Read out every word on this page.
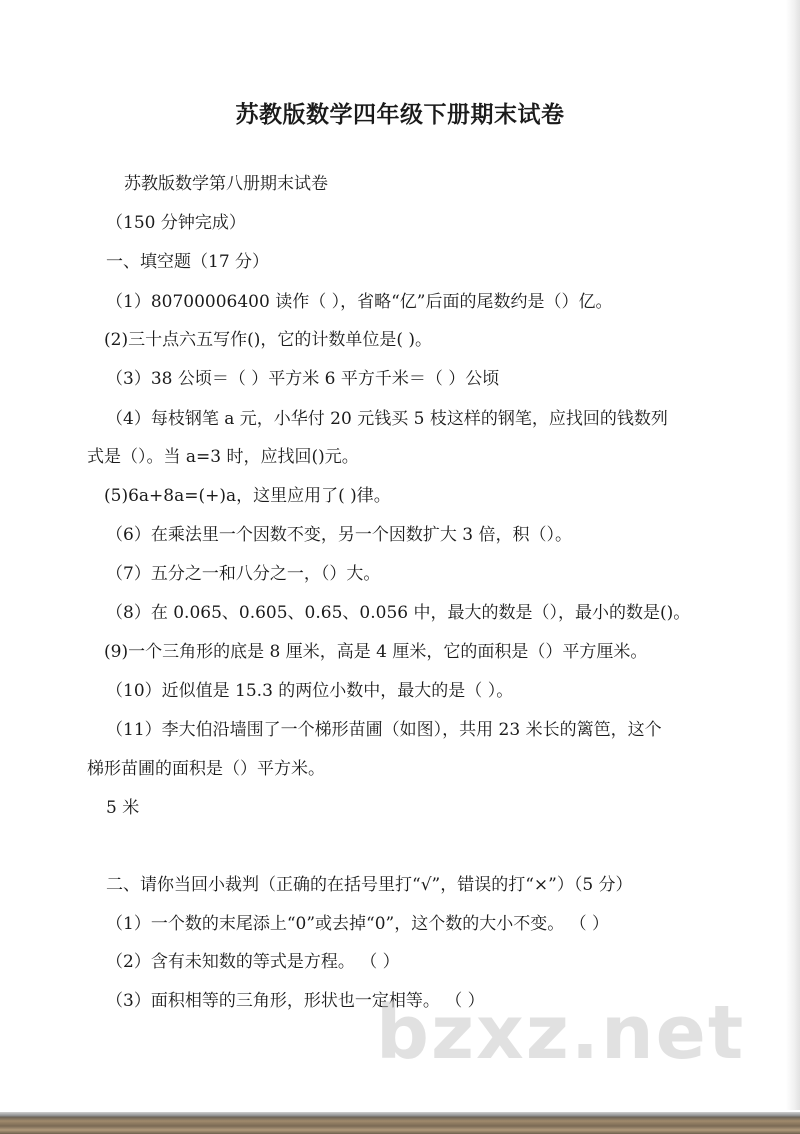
苏教版数学四年级下册期末试卷
苏教版数学第八册期末试卷
（150 分钟完成）
一、填空题（17 分）
（1）80700006400 读作（ ），省略“亿”后面的尾数约是（）亿。
(2)三十点六五写作()，它的计数单位是( )。
（3）38 公顷＝（ ）平方米 6 平方千米＝（ ）公顷
（4）每枝钢笔 a 元，小华付 20 元钱买 5 枝这样的钢笔，应找回的钱数列
式是（）。当 a=3 时，应找回()元。
(5)6a+8a=(+)a，这里应用了( )律。
（6）在乘法里一个因数不变，另一个因数扩大 3 倍，积（）。
（7）五分之一和八分之一，（）大。
（8）在 0.065、0.605、0.65、0.056 中，最大的数是（），最小的数是()。
(9)一个三角形的底是 8 厘米，高是 4 厘米，它的面积是（）平方厘米。
（10）近似值是 15.3 的两位小数中，最大的是（ ）。
（11）李大伯沿墙围了一个梯形苗圃（如图），共用 23 米长的篱笆，这个
梯形苗圃的面积是（）平方米。
5 米
二、请你当回小裁判（正确的在括号里打“√”，错误的打“×”）（5 分）
（1）一个数的末尾添上“0”或去掉“0”，这个数的大小不变。 （ ）
（2）含有未知数的等式是方程。 （ ）
（3）面积相等的三角形，形状也一定相等。 （ ）
bzxz.net
